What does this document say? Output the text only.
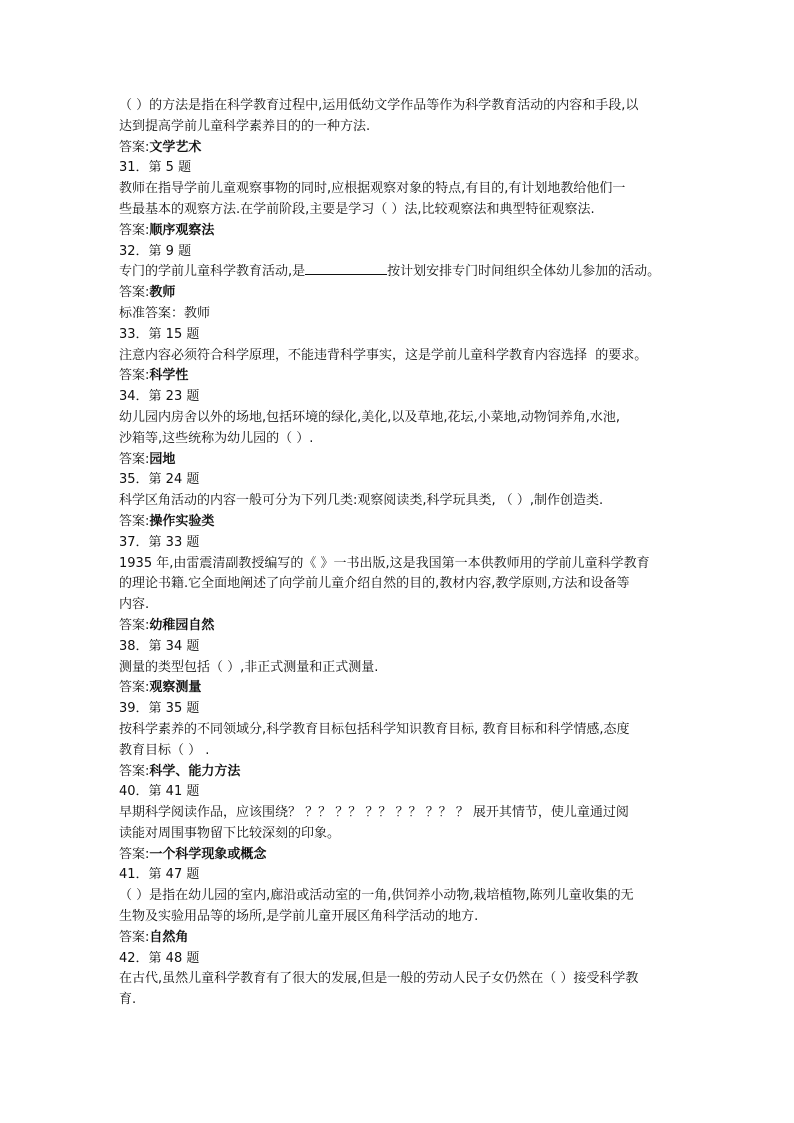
（ ）的方法是指在科学教育过程中,运用低幼文学作品等作为科学教育活动的内容和手段,以
达到提高学前儿童科学素养目的的一种方法.
答案:文学艺术
31．第 5 题
教师在指导学前儿童观察事物的同时,应根据观察对象的特点,有目的,有计划地教给他们一
些最基本的观察方法.在学前阶段,主要是学习（ ）法,比较观察法和典型特征观察法.
答案:顺序观察法
32．第 9 题
专门的学前儿童科学教育活动,是	按计划安排专门时间组织全体幼儿参加的活动。
答案:教师
标准答案：教师
33．第 15 题
注意内容必须符合科学原理，不能违背科学事实，这是学前儿童科学教育内容选择  的要求。
答案:科学性
34．第 23 题
幼儿园内房舍以外的场地,包括环境的绿化,美化,以及草地,花坛,小菜地,动物饲养角,水池,
沙箱等,这些统称为幼儿园的（ ）.
答案:园地
35．第 24 题
科学区角活动的内容一般可分为下列几类:观察阅读类,科学玩具类, （ ）,制作创造类.
答案:操作实验类
37．第 33 题
1935 年,由雷震清副教授编写的《 》一书出版,这是我国第一本供教师用的学前儿童科学教育
的理论书籍.它全面地阐述了向学前儿童介绍自然的目的,教材内容,教学原则,方法和设备等
内容.
答案:幼稚园自然
38．第 34 题
测量的类型包括（ ）,非正式测量和正式测量.
答案:观察测量
39．第 35 题
按科学素养的不同领域分,科学教育目标包括科学知识教育目标, 教育目标和科学情感,态度
教育目标（ ） .
答案:科学、能力方法
40．第 41 题
早期科学阅读作品，应该围绕？ ？？ ？？ ？？ ？？ ？？ ？ 展开其情节，使儿童通过阅
读能对周围事物留下比较深刻的印象。
答案:一个科学现象或概念
41．第 47 题
（ ）是指在幼儿园的室内,廊沿或活动室的一角,供饲养小动物,栽培植物,陈列儿童收集的无
生物及实验用品等的场所,是学前儿童开展区角科学活动的地方.
答案:自然角
42．第 48 题
在古代,虽然儿童科学教育有了很大的发展,但是一般的劳动人民子女仍然在（ ）接受科学教
育.
